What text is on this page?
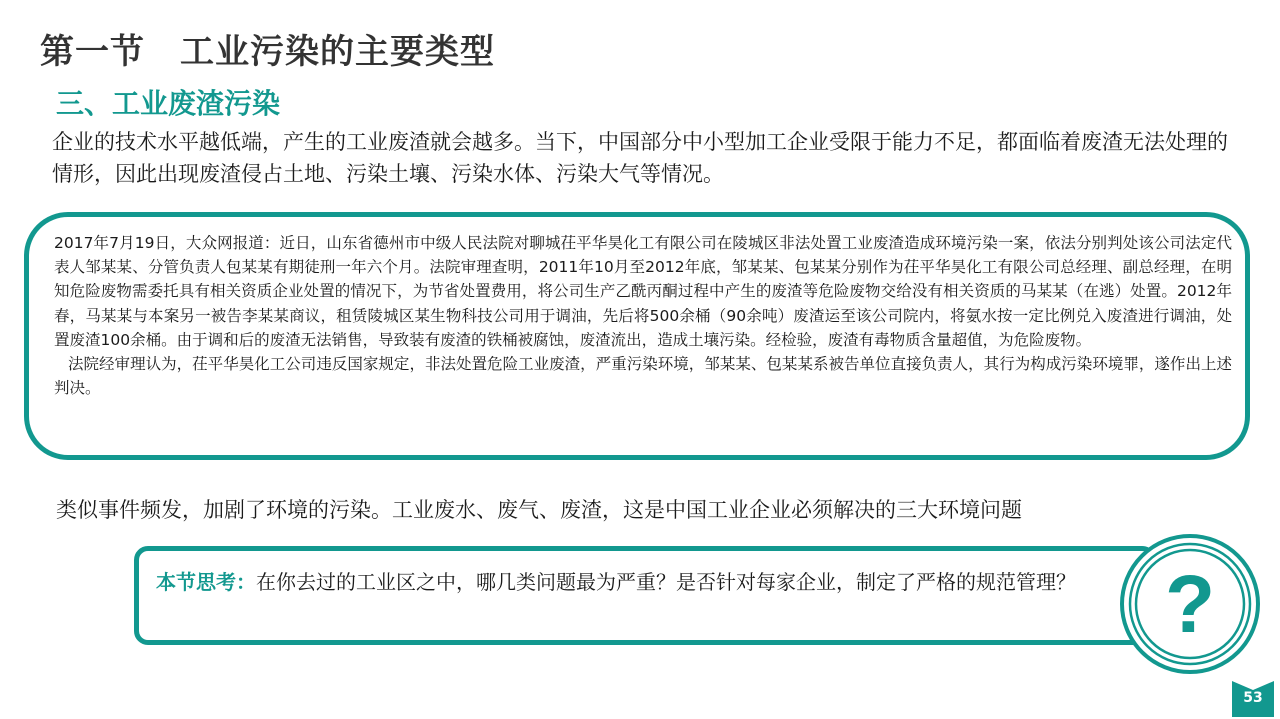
第一节　工业污染的主要类型
三、工业废渣污染
企业的技术水平越低端，产生的工业废渣就会越多。当下，中国部分中小型加工企业受限于能力不足，都面临着废渣无法处理的情形，因此出现废渣侵占土地、污染土壤、污染水体、污染大气等情况。

2017年7月19日，大众网报道：近日，山东省德州市中级人民法院对聊城茌平华昊化工有限公司在陵城区非法处置工业废渣造成环境污染一案，依法分别判处该公司法定代表人邹某某、分管负责人包某某有期徒刑一年六个月。法院审理查明，2011年10月至2012年底，邹某某、包某某分别作为茌平华昊化工有限公司总经理、副总经理，在明知危险废物需委托具有相关资质企业处置的情况下，为节省处置费用，将公司生产乙酰丙酮过程中产生的废渣等危险废物交给没有相关资质的马某某（在逃）处置。2012年春，马某某与本案另一被告李某某商议，租赁陵城区某生物科技公司用于调油，先后将500余桶（90余吨）废渣运至该公司院内，将氨水按一定比例兑入废渣进行调油，处置废渣100余桶。由于调和后的废渣无法销售，导致装有废渣的铁桶被腐蚀，废渣流出，造成土壤污染。经检验，废渣有毒物质含量超值，为危险废物。

法院经审理认为，茌平华昊化工公司违反国家规定，非法处置危险工业废渣，严重污染环境，邹某某、包某某系被告单位直接负责人，其行为构成污染环境罪，遂作出上述判决。

类似事件频发，加剧了环境的污染。工业废水、废气、废渣，这是中国工业企业必须解决的三大环境问题
本节思考：在你去过的工业区之中，哪几类问题最为严重？是否针对每家企业，制定了严格的规范管理？ ?
53
